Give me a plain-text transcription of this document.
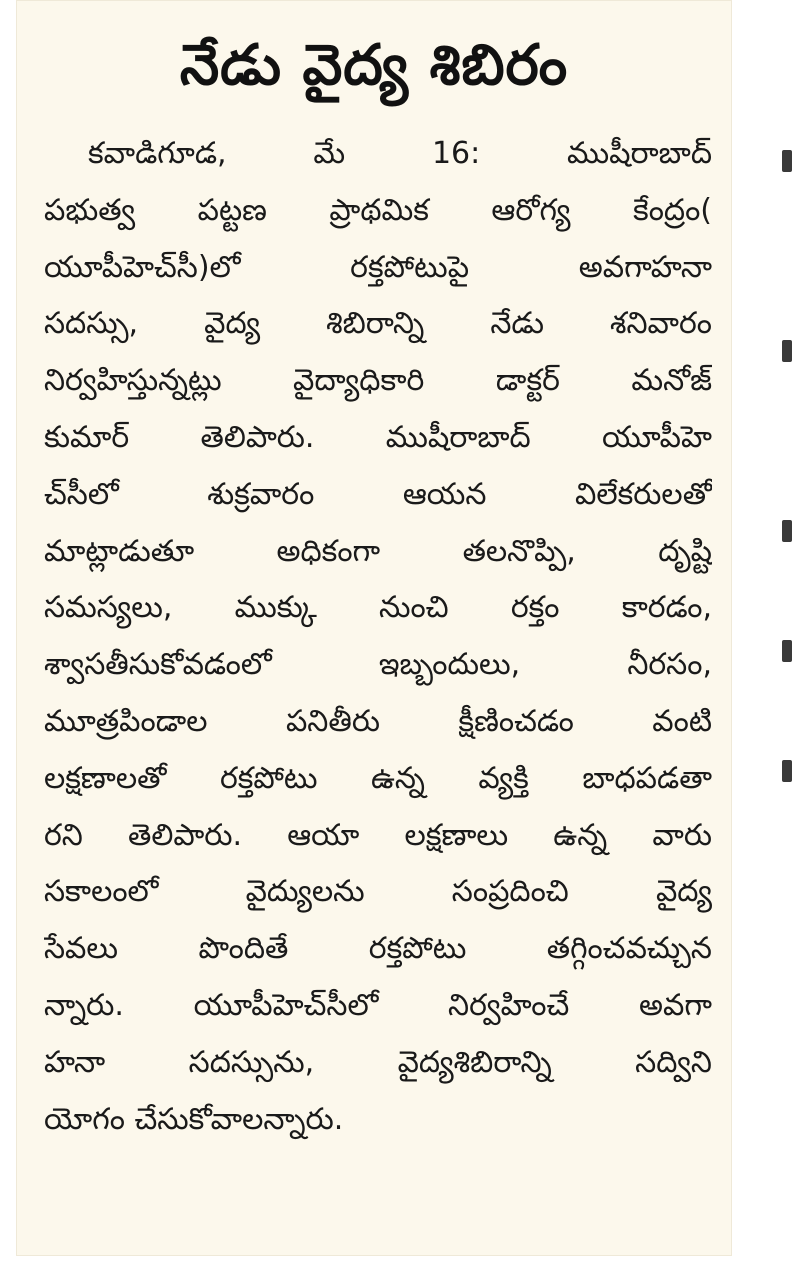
నేడు వైద్య శిబిరం
కవాడిగూడ, మే 16: ముషీరాబాద్
పభుత్వ పట్టణ ప్రాథమిక ఆరోగ్య కేంద్రం(
యూపీహెచ్‌సీ)లో రక్తపోటుపై అవగాహనా
సదస్సు, వైద్య శిబిరాన్ని నేడు శనివారం
నిర్వహిస్తున్నట్లు వైద్యాధికారి డాక్టర్ మనోజ్
కుమార్ తెలిపారు. ముషీరాబాద్ యూపీహె
చ్‌సీలో శుక్రవారం ఆయన విలేకరులతో
మాట్లాడుతూ అధికంగా తలనొప్పి, దృష్టి
సమస్యలు, ముక్కు నుంచి రక్తం కారడం,
శ్వాసతీసుకోవడంలో ఇబ్బందులు, నీరసం,
మూత్రపిండాల పనితీరు క్షీణించడం వంటి
లక్షణాలతో రక్తపోటు ఉన్న వ్యక్తి బాధపడతా
రని తెలిపారు. ఆయా లక్షణాలు ఉన్న వారు
సకాలంలో వైద్యులను సంప్రదించి వైద్య
సేవలు పొందితే రక్తపోటు తగ్గించవచ్చున
న్నారు. యూపీహెచ్‌సీలో నిర్వహించే అవగా
హనా సదస్సును, వైద్యశిబిరాన్ని సద్విని
యోగం చేసుకోవాలన్నారు.
